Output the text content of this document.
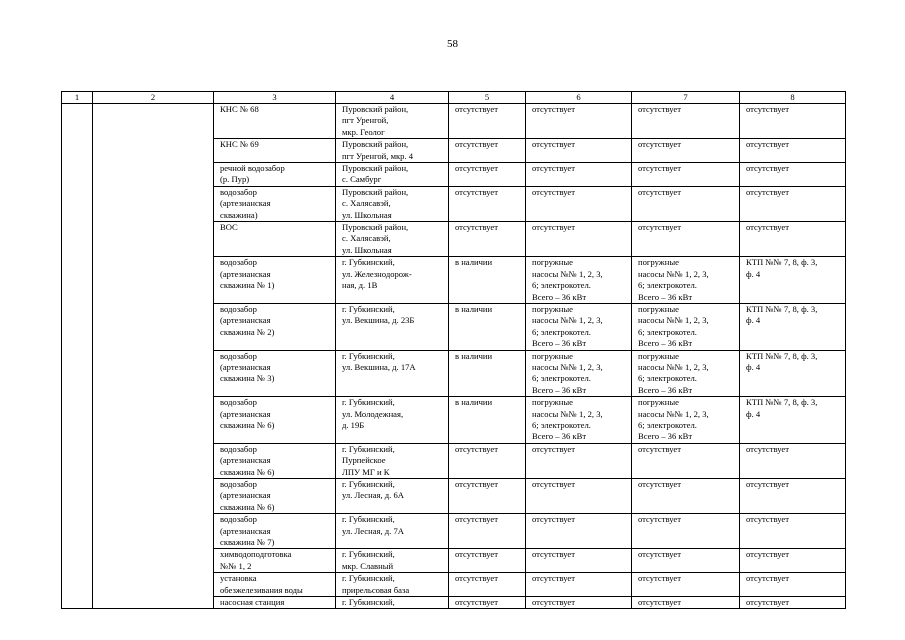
58
1	2	3	4	5	6	7	8
		КНС № 68	Пуровский район,
пгт Уренгой,
мкр. Геолог	отсутствует	отсутствует	отсутствует	отсутствует
		КНС № 69	Пуровский район,
пгт Уренгой, мкр. 4	отсутствует	отсутствует	отсутствует	отсутствует
		речной водозабор
(р. Пур)	Пуровский район,
с. Самбург	отсутствует	отсутствует	отсутствует	отсутствует
		водозабор
(артезианская
скважина)	Пуровский район,
с. Халясавэй,
ул. Школьная	отсутствует	отсутствует	отсутствует	отсутствует
		ВОС	Пуровский район,
с. Халясавэй,
ул. Школьная	отсутствует	отсутствует	отсутствует	отсутствует
		водозабор
(артезианская
скважина № 1)	г. Губкинский,
ул. Железнодорож-
ная, д. 1В	в наличии	погружные
насосы №№ 1, 2, 3,
6; электрокотел.
Всего – 36 кВт	погружные
насосы №№ 1, 2, 3,
6; электрокотел.
Всего – 36 кВт	КТП №№ 7, 8, ф. 3,
ф. 4
		водозабор
(артезианская
скважина № 2)	г. Губкинский,
ул. Векшина, д. 23Б	в наличии	погружные
насосы №№ 1, 2, 3,
6; электрокотел.
Всего – 36 кВт	погружные
насосы №№ 1, 2, 3,
6; электрокотел.
Всего – 36 кВт	КТП №№ 7, 8, ф. 3,
ф. 4
		водозабор
(артезианская
скважина № 3)	г. Губкинский,
ул. Векшина, д. 17А	в наличии	погружные
насосы №№ 1, 2, 3,
6; электрокотел.
Всего – 36 кВт	погружные
насосы №№ 1, 2, 3,
6; электрокотел.
Всего – 36 кВт	КТП №№ 7, 8, ф. 3,
ф. 4
		водозабор
(артезианская
скважина № 6)	г. Губкинский,
ул. Молодежная,
д. 19Б	в наличии	погружные
насосы №№ 1, 2, 3,
6; электрокотел.
Всего – 36 кВт	погружные
насосы №№ 1, 2, 3,
6; электрокотел.
Всего – 36 кВт	КТП №№ 7, 8, ф. 3,
ф. 4
		водозабор
(артезианская
скважина № 6)	г. Губкинский,
Пурпейское
ЛПУ МГ и К	отсутствует	отсутствует	отсутствует	отсутствует
		водозабор
(артезианская
скважина № 6)	г. Губкинский,
ул. Лесная, д. 6А	отсутствует	отсутствует	отсутствует	отсутствует
		водозабор
(артезианская
скважина № 7)	г. Губкинский,
ул. Лесная, д. 7А	отсутствует	отсутствует	отсутствует	отсутствует
		химводоподготовка
№№ 1, 2	г. Губкинский,
мкр. Славный	отсутствует	отсутствует	отсутствует	отсутствует
		установка
обезжелезивания воды	г. Губкинский,
прирельсовая база	отсутствует	отсутствует	отсутствует	отсутствует
		насосная станция	г. Губкинский,	отсутствует	отсутствует	отсутствует	отсутствует
